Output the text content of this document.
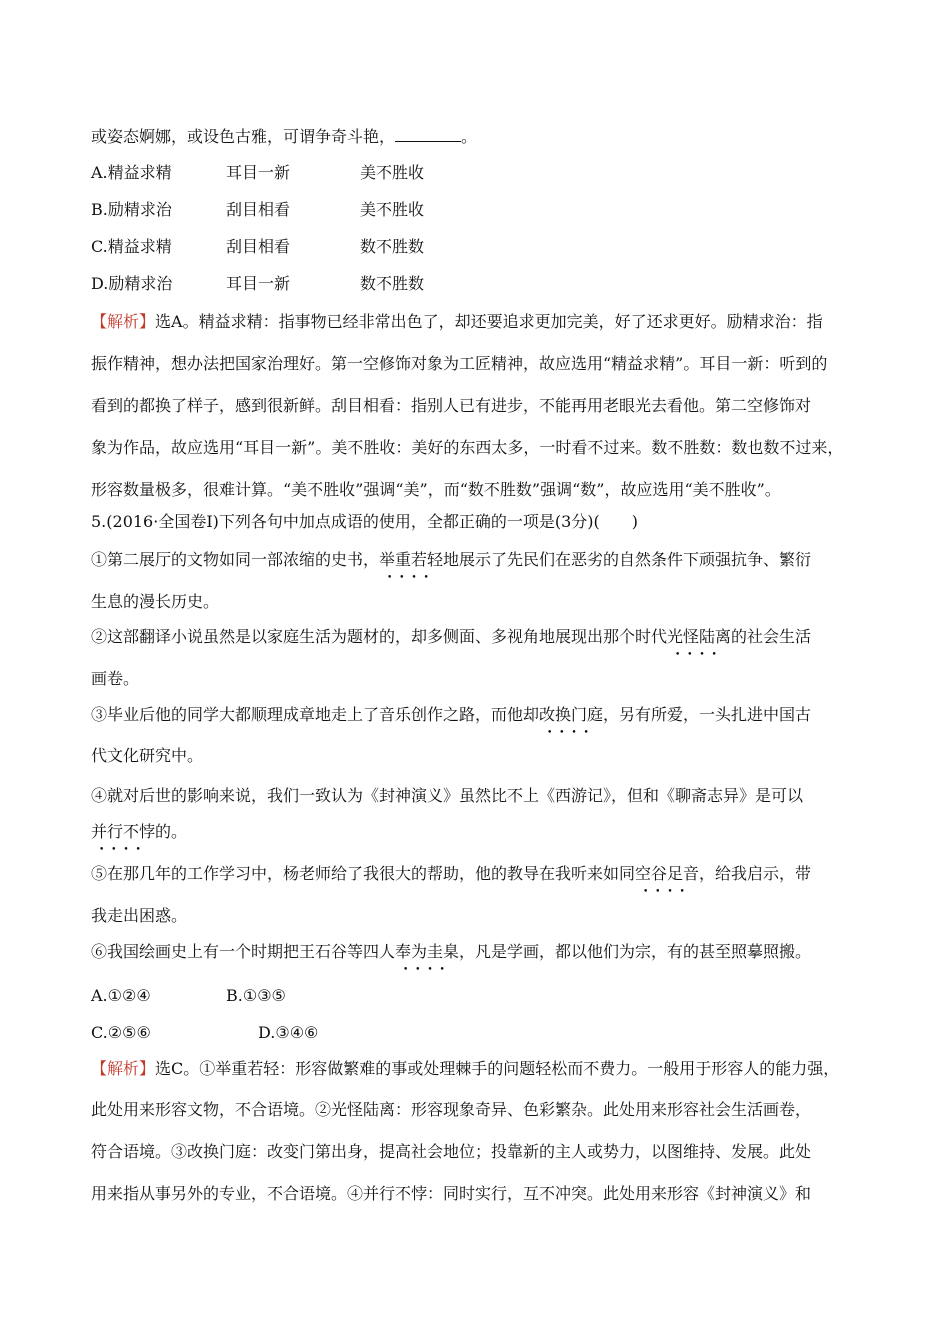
或姿态婀娜，或设色古雅，可谓争奇斗艳，	。
A.精益求精	耳目一新	美不胜收
B.励精求治	刮目相看	美不胜收
C.精益求精	刮目相看	数不胜数
D.励精求治	耳目一新	数不胜数
【解析】选A。精益求精：指事物已经非常出色了，却还要追求更加完美，好了还求更好。励精求治：指
振作精神，想办法把国家治理好。第一空修饰对象为工匠精神，故应选用“精益求精”。耳目一新：听到的
看到的都换了样子，感到很新鲜。刮目相看：指别人已有进步，不能再用老眼光去看他。第二空修饰对
象为作品，故应选用“耳目一新”。美不胜收：美好的东西太多，一时看不过来。数不胜数：数也数不过来，
形容数量极多，很难计算。“美不胜收”强调“美”，而“数不胜数”强调“数”，故应选用“美不胜收”。
5.(2016·全国卷Ⅰ)下列各句中加点成语的使用，全都正确的一项是(3分)(　　)
①第二展厅的文物如同一部浓缩的史书，举重若轻 • • • •地展示了先民们在恶劣的自然条件下顽强抗争、繁衍
生息的漫长历史。
②这部翻译小说虽然是以家庭生活为题材的，却多侧面、多视角地展现出那个时代光怪陆离 • • • •的社会生活
画卷。
③毕业后他的同学大都顺理成章地走上了音乐创作之路，而他却改换门庭 • • • •，另有所爱，一头扎进中国古
代文化研究中。
④就对后世的影响来说，我们一致认为《封神演义》虽然比不上《西游记》，但和《聊斋志异》是可以
并行不悖 • • • •的。
⑤在那几年的工作学习中，杨老师给了我很大的帮助，他的教导在我听来如同空谷足音 • • • •，给我启示，带
我走出困惑。
⑥我国绘画史上有一个时期把王石谷等四人奉为圭臬 • • • •，凡是学画，都以他们为宗，有的甚至照摹照搬。
A.①②④	B.①③⑤
C.②⑤⑥	D.③④⑥
【解析】选C。①举重若轻：形容做繁难的事或处理棘手的问题轻松而不费力。一般用于形容人的能力强，
此处用来形容文物，不合语境。②光怪陆离：形容现象奇异、色彩繁杂。此处用来形容社会生活画卷，
符合语境。③改换门庭：改变门第出身，提高社会地位；投靠新的主人或势力，以图维持、发展。此处
用来指从事另外的专业，不合语境。④并行不悖：同时实行，互不冲突。此处用来形容《封神演义》和
